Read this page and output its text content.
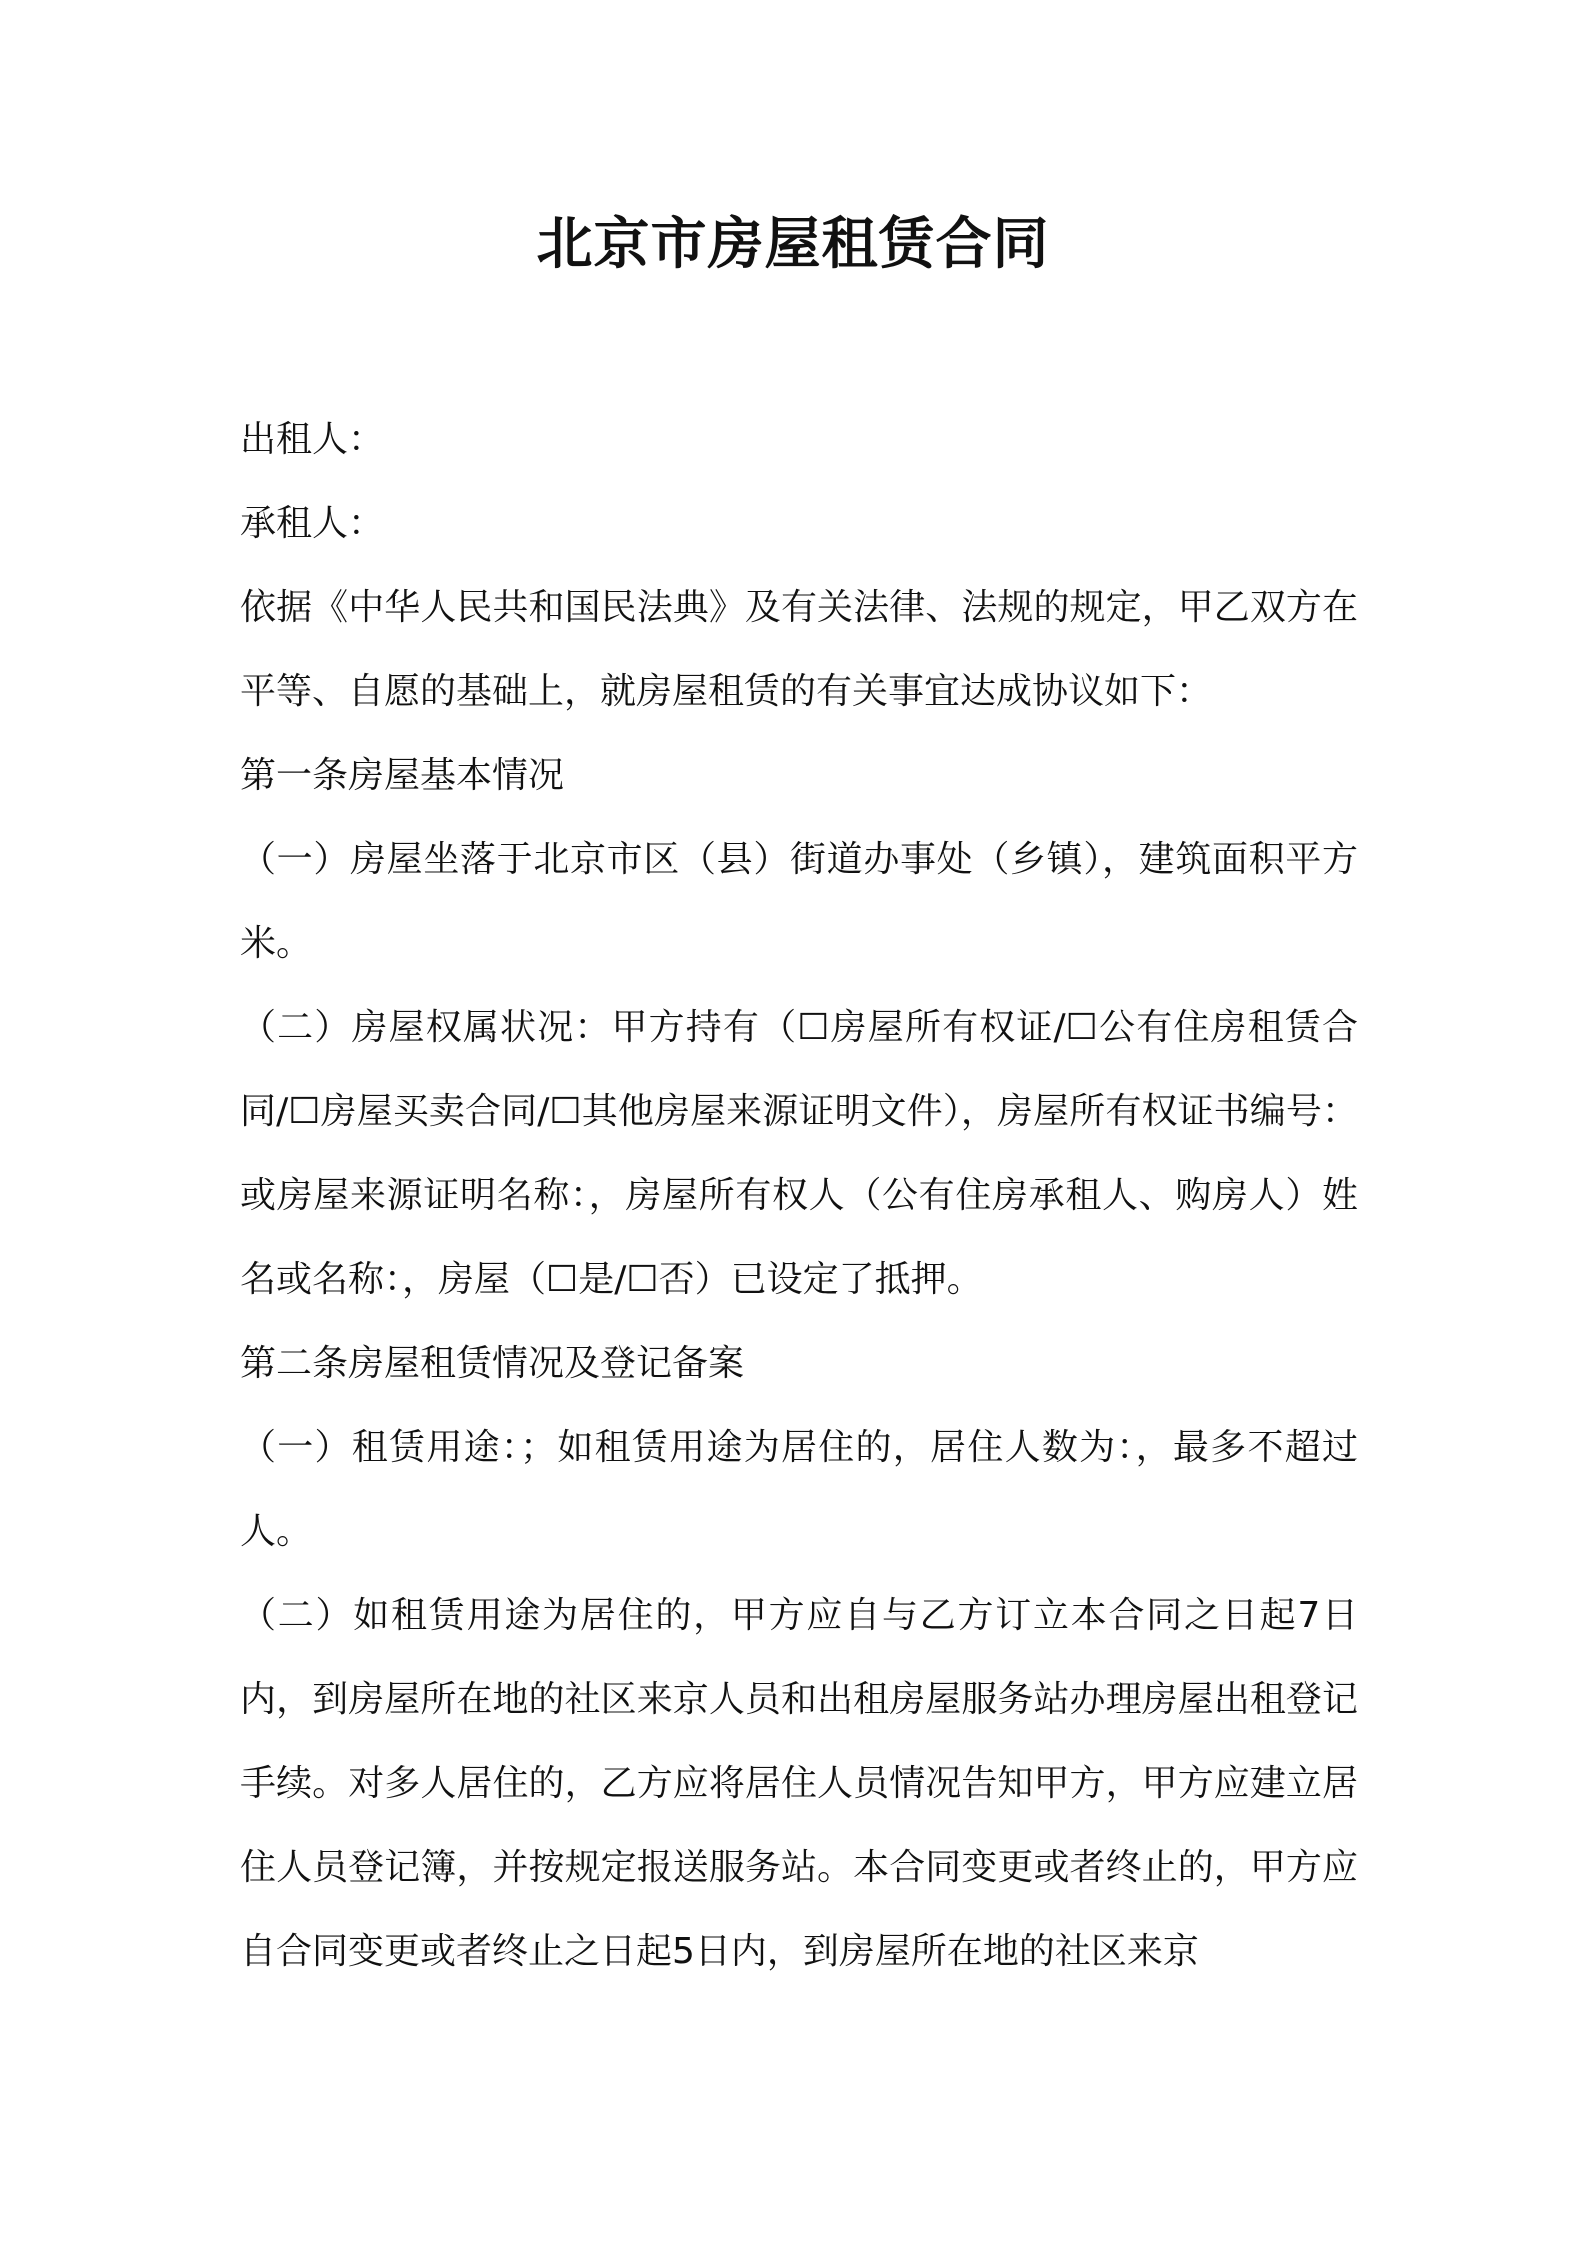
北京市房屋租赁合同

出租人：

承租人：

依据《中华人民共和国民法典》及有关法律、法规的规定，甲乙双方在平等、自愿的基础上，就房屋租赁的有关事宜达成协议如下：

第一条房屋基本情况

（一）房屋坐落于北京市区（县）街道办事处（乡镇），建筑面积平方米。

（二）房屋权属状况：甲方持有（☐房屋所有权证/☐公有住房租赁合同/☐房屋买卖合同/☐其他房屋来源证明文件），房屋所有权证书编号：或房屋来源证明名称：，房屋所有权人（公有住房承租人、购房人）姓名或名称：，房屋（☐是/☐否）已设定了抵押。

第二条房屋租赁情况及登记备案

（一）租赁用途：；如租赁用途为居住的，居住人数为：，最多不超过人。

（二）如租赁用途为居住的，甲方应自与乙方订立本合同之日起7日内，到房屋所在地的社区来京人员和出租房屋服务站办理房屋出租登记手续。对多人居住的，乙方应将居住人员情况告知甲方，甲方应建立居住人员登记簿，并按规定报送服务站。本合同变更或者终止的，甲方应自合同变更或者终止之日起5日内，到房屋所在地的社区来京
